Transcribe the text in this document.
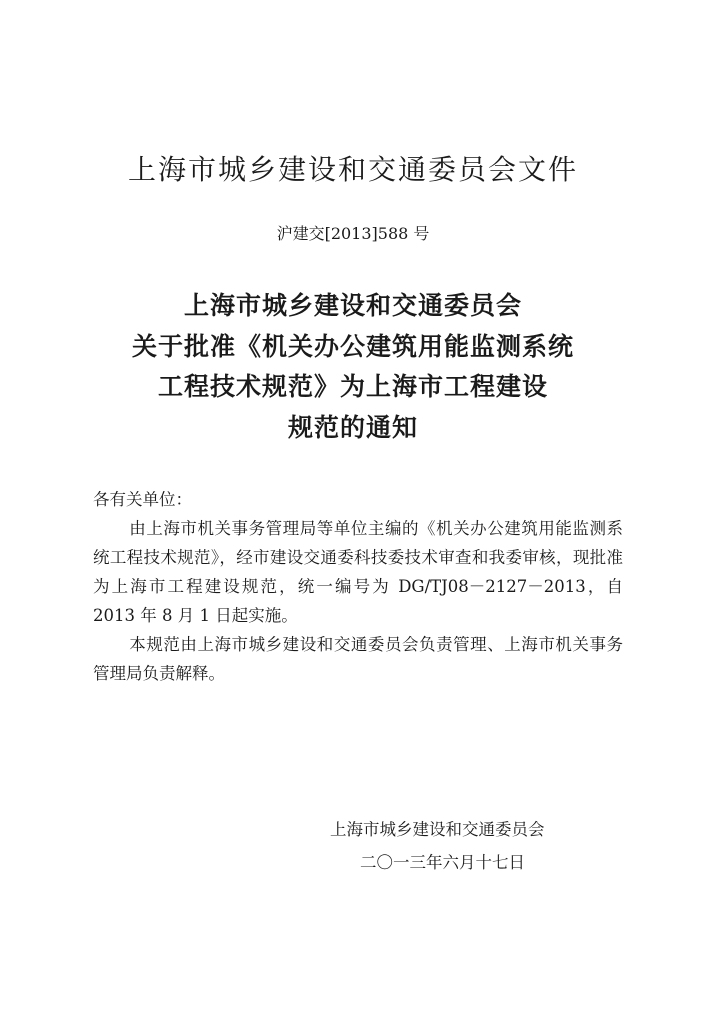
上海市城乡建设和交通委员会文件
沪建交[2013]588 号
上海市城乡建设和交通委员会
关于批准《机关办公建筑用能监测系统
工程技术规范》为上海市工程建设
规范的通知
各有关单位：
由上海市机关事务管理局等单位主编的《机关办公建筑用能监测系统工程技术规范》，经市建设交通委科技委技术审查和我委审核，现批准为上海市工程建设规范，统一编号为 DG/TJ08－2127－2013，自 2013 年 8 月 1 日起实施。
本规范由上海市城乡建设和交通委员会负责管理、上海市机关事务管理局负责解释。
上海市城乡建设和交通委员会
二〇一三年六月十七日
